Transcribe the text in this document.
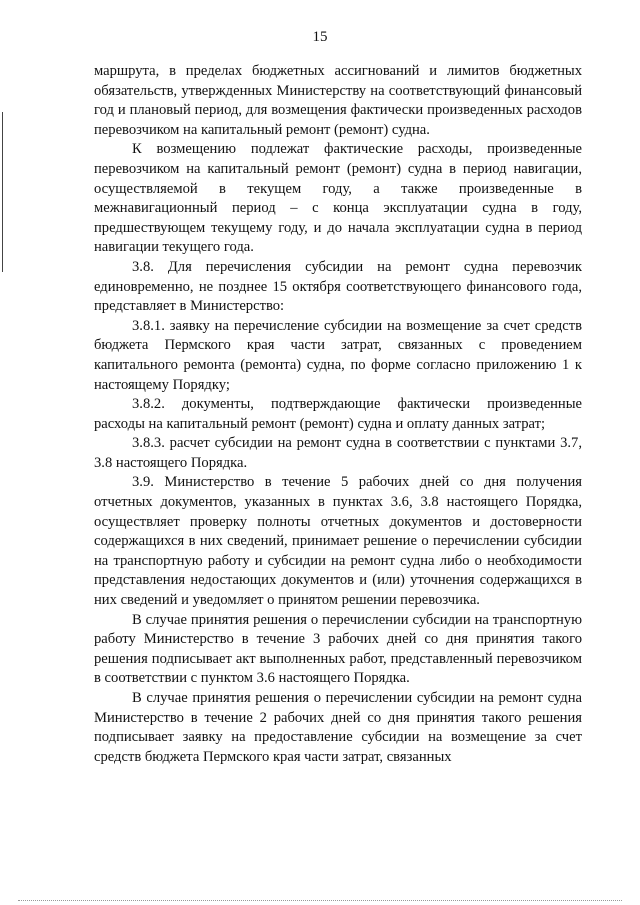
15

маршрута, в пределах бюджетных ассигнований и лимитов бюджетных обязательств, утвержденных Министерству на соответствующий финансовый год и плановый период, для возмещения фактически произведенных расходов перевозчиком на капитальный ремонт (ремонт) судна.

К возмещению подлежат фактические расходы, произведенные перевозчиком на капитальный ремонт (ремонт) судна в период навигации, осуществляемой в текущем году, а также произведенные в межнавигационный период – с конца эксплуатации судна в году, предшествующем текущему году, и до начала эксплуатации судна в период навигации текущего года.

3.8. Для перечисления субсидии на ремонт судна перевозчик единовременно, не позднее 15 октября соответствующего финансового года, представляет в Министерство:

3.8.1. заявку на перечисление субсидии на возмещение за счет средств бюджета Пермского края части затрат, связанных с проведением капитального ремонта (ремонта) судна, по форме согласно приложению 1 к настоящему Порядку;

3.8.2. документы, подтверждающие фактически произведенные расходы на капитальный ремонт (ремонт) судна и оплату данных затрат;

3.8.3. расчет субсидии на ремонт судна в соответствии с пунктами 3.7, 3.8 настоящего Порядка.

3.9. Министерство в течение 5 рабочих дней со дня получения отчетных документов, указанных в пунктах 3.6, 3.8 настоящего Порядка, осуществляет проверку полноты отчетных документов и достоверности содержащихся в них сведений, принимает решение о перечислении субсидии на транспортную работу и субсидии на ремонт судна либо о необходимости представления недостающих документов и (или) уточнения содержащихся в них сведений и уведомляет о принятом решении перевозчика.

В случае принятия решения о перечислении субсидии на транспортную работу Министерство в течение 3 рабочих дней со дня принятия такого решения подписывает акт выполненных работ, представленный перевозчиком в соответствии с пунктом 3.6 настоящего Порядка.

В случае принятия решения о перечислении субсидии на ремонт судна Министерство в течение 2 рабочих дней со дня принятия такого решения подписывает заявку на предоставление субсидии на возмещение за счет средств бюджета Пермского края части затрат, связанных
